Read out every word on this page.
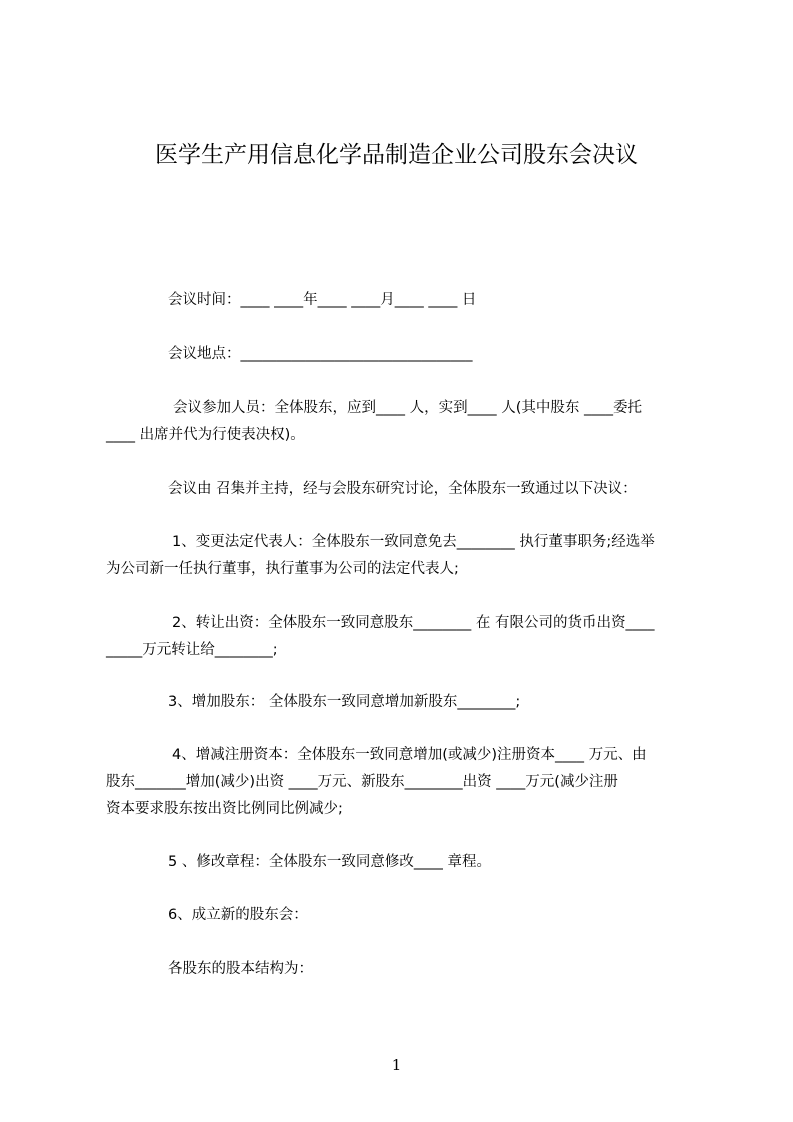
医学生产用信息化学品制造企业公司股东会决议
会议时间：____ ____年____ ____月____ ____ 日
会议地点：________________________________
会议参加人员：全体股东，应到____ 人，实到____ 人(其中股东 ____委托
____ 出席并代为行使表决权)。
会议由 召集并主持，经与会股东研究讨论，全体股东一致通过以下决议：
1、变更法定代表人：全体股东一致同意免去________ 执行董事职务;经选举
为公司新一任执行董事，执行董事为公司的法定代表人;
2、转让出资：全体股东一致同意股东________ 在 有限公司的货币出资____
_____万元转让给________;
3、增加股东： 全体股东一致同意增加新股东________;
4、增减注册资本：全体股东一致同意增加(或减少)注册资本____ 万元、由
股东_______增加(减少)出资 ____万元、新股东________出资 ____万元(减少注册
资本要求股东按出资比例同比例减少;
5 、修改章程：全体股东一致同意修改____ 章程。
6、成立新的股东会：
各股东的股本结构为：
1
